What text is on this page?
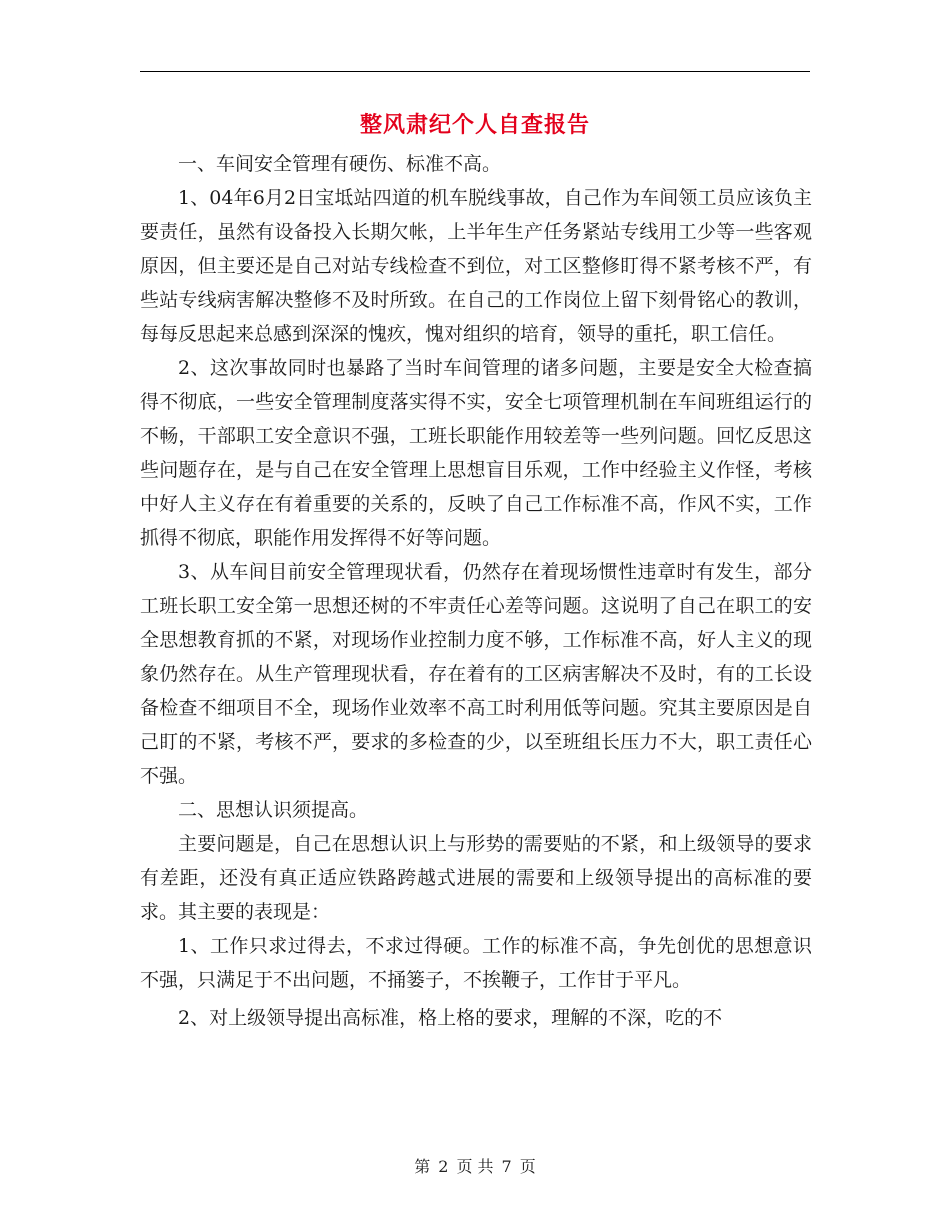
整风肃纪个人自查报告

一、车间安全管理有硬伤、标准不高。

1、04年6月2日宝坻站四道的机车脱线事故，自己作为车间领工员应该负主要责任，虽然有设备投入长期欠帐，上半年生产任务紧站专线用工少等一些客观原因，但主要还是自己对站专线检查不到位，对工区整修盯得不紧考核不严，有些站专线病害解决整修不及时所致。在自己的工作岗位上留下刻骨铭心的教训，每每反思起来总感到深深的愧疚，愧对组织的培育，领导的重托，职工信任。

2、这次事故同时也暴路了当时车间管理的诸多问题，主要是安全大检查搞得不彻底，一些安全管理制度落实得不实，安全七项管理机制在车间班组运行的不畅，干部职工安全意识不强，工班长职能作用较差等一些列问题。回忆反思这些问题存在，是与自己在安全管理上思想盲目乐观，工作中经验主义作怪，考核中好人主义存在有着重要的关系的，反映了自己工作标准不高，作风不实，工作抓得不彻底，职能作用发挥得不好等问题。

3、从车间目前安全管理现状看，仍然存在着现场惯性违章时有发生，部分工班长职工安全第一思想还树的不牢责任心差等问题。这说明了自己在职工的安全思想教育抓的不紧，对现场作业控制力度不够，工作标准不高，好人主义的现象仍然存在。从生产管理现状看，存在着有的工区病害解决不及时，有的工长设备检查不细项目不全，现场作业效率不高工时利用低等问题。究其主要原因是自己盯的不紧，考核不严，要求的多检查的少，以至班组长压力不大，职工责任心不强。

二、思想认识须提高。

主要问题是，自己在思想认识上与形势的需要贴的不紧，和上级领导的要求有差距，还没有真正适应铁路跨越式进展的需要和上级领导提出的高标准的要求。其主要的表现是：

1、工作只求过得去，不求过得硬。工作的标准不高，争先创优的思想意识不强，只满足于不出问题，不捅篓子，不挨鞭子，工作甘于平凡。

2、对上级领导提出高标准，格上格的要求，理解的不深，吃的不

第 2 页 共 7 页
